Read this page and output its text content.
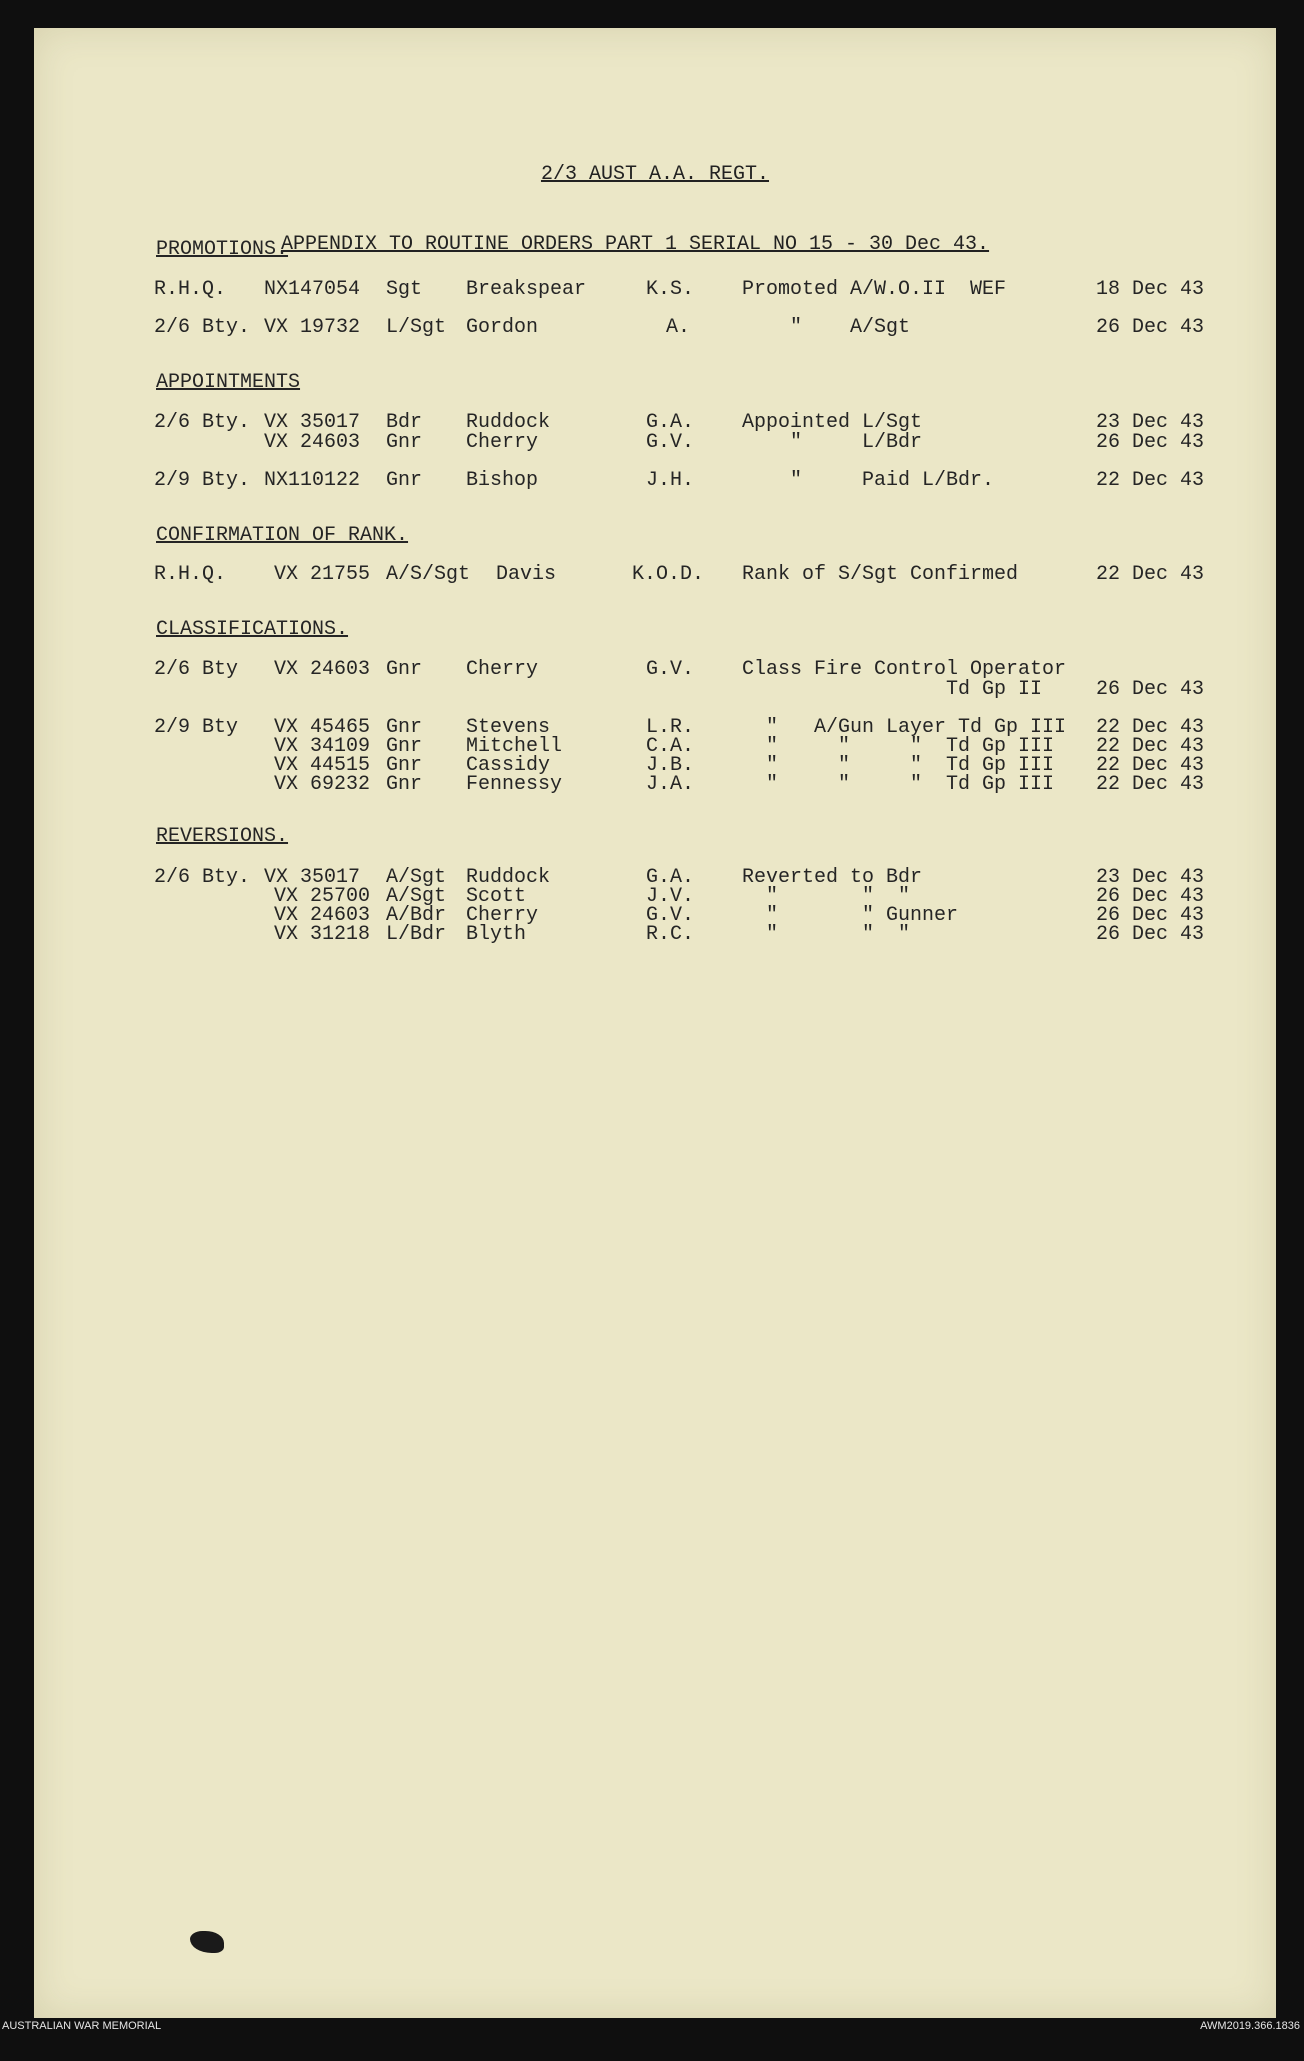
2/3 AUST A.A. REGT.
APPENDIX TO ROUTINE ORDERS PART 1 SERIAL NO 15 - 30 Dec 43.
PROMOTIONS.
R.H.Q. NX147054 Sgt Breakspear	K.S. Promoted A/W.O.II  WEF	18 Dec 43
2/6 Bty. VX 19732 L/Sgt Gordon	A.	"    A/Sgt	26 Dec 43
APPOINTMENTS
2/6 Bty. VX 35017 Bdr Ruddock	G.A. Appointed L/Sgt	23 Dec 43
VX 24603 Gnr Cherry	G.V. "     L/Bdr	26 Dec 43
2/9 Bty. NX110122 Gnr Bishop	J.H. "     Paid L/Bdr.	22 Dec 43
CONFIRMATION OF RANK.
R.H.Q. VX 21755 A/S/Sgt Davis	K.O.D. Rank of S/Sgt Confirmed	22 Dec 43
CLASSIFICATIONS.
2/6 Bty VX 24603 Gnr Cherry	G.V. Class Fire Control Operator
Td Gp II	26 Dec 43
2/9 Bty VX 45465 Gnr Stevens	L.R. "   A/Gun Layer Td Gp III 22 Dec 43
VX 34109 Gnr Mitchell	C.A. "     "     "  Td Gp III 22 Dec 43
VX 44515 Gnr Cassidy	J.B. "     "     "  Td Gp III 22 Dec 43
VX 69232 Gnr Fennessy	J.A. "     "     "  Td Gp III 22 Dec 43
REVERSIONS.
2/6 Bty. VX 35017 A/Sgt Ruddock	G.A. Reverted to Bdr	23 Dec 43
VX 25700 A/Sgt Scott	J.V. "       "  "	26 Dec 43
VX 24603 A/Bdr Cherry	G.V. "       " Gunner	26 Dec 43
VX 31218 L/Bdr Blyth	R.C. "       "  "	26 Dec 43
AUSTRALIAN WAR MEMORIAL	AWM2019.366.1836
